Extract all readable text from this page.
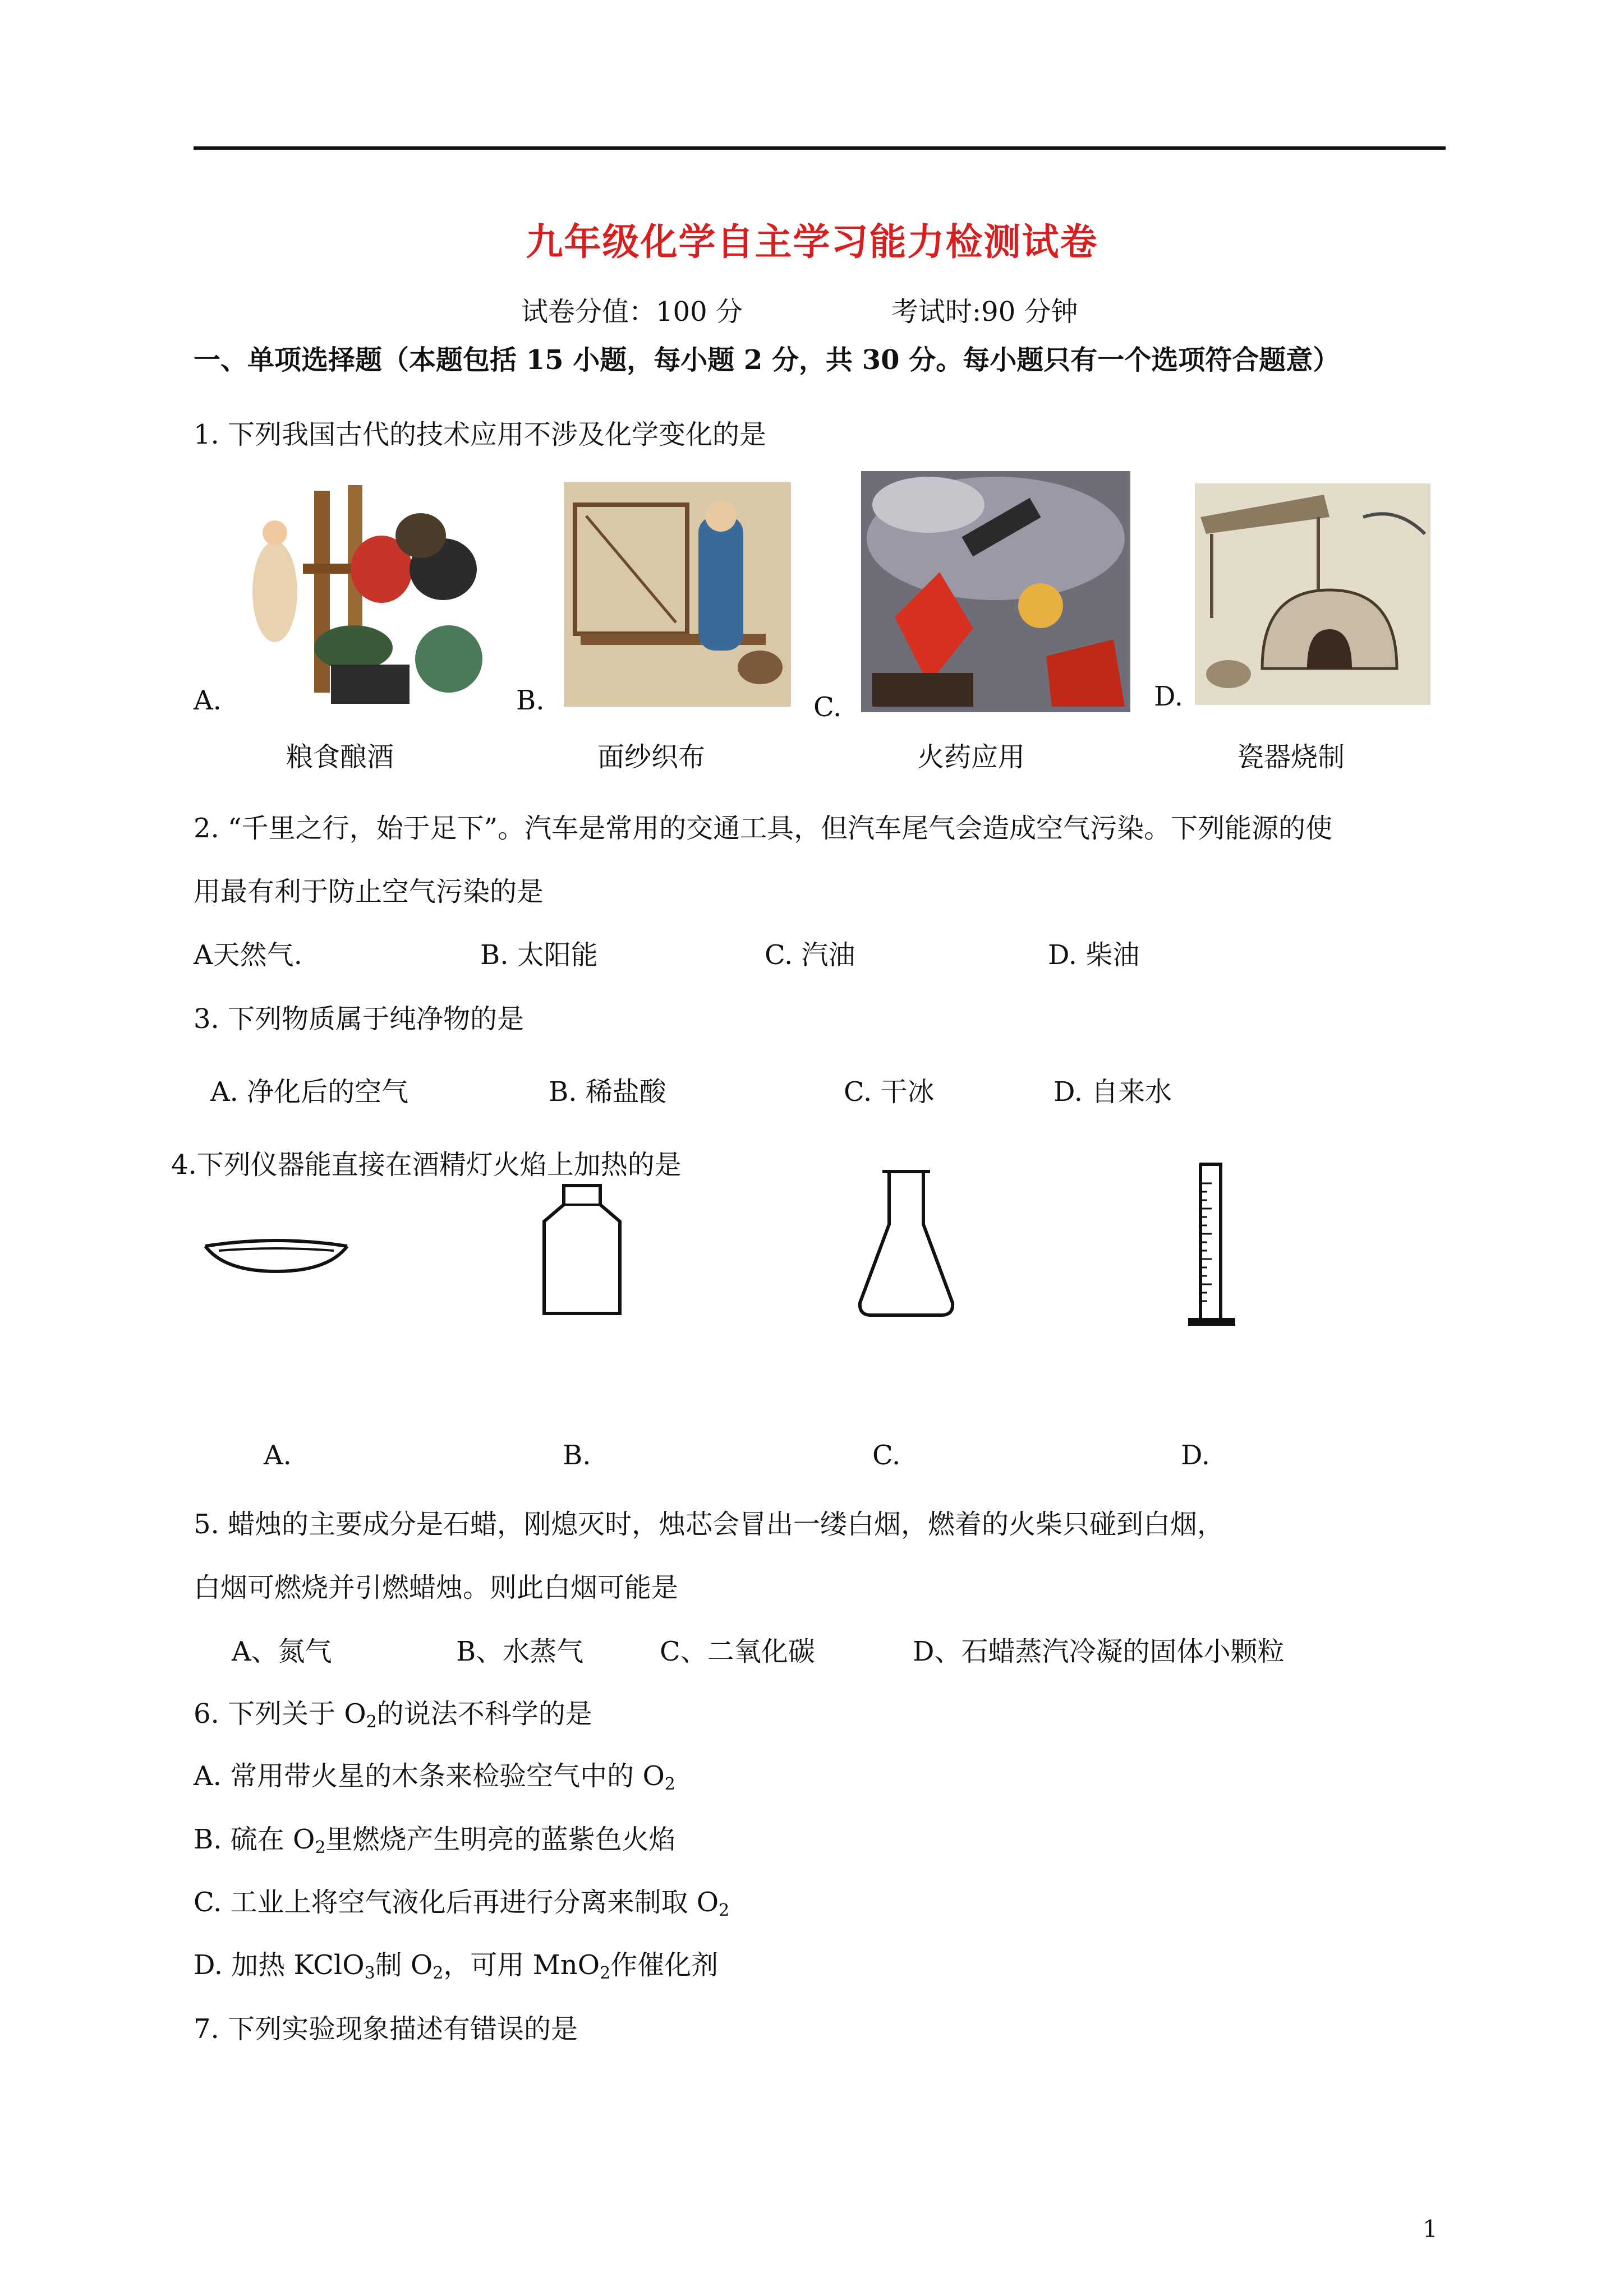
九年级化学自主学习能力检测试卷
试卷分值：100 分	考试时:90 分钟
一、单项选择题（本题包括 15 小题，每小题 2 分，共 30 分。每小题只有一个选项符合题意）
1. 下列我国古代的技术应用不涉及化学变化的是
A.
粮食酿酒
B.
面纱织布
C.
火药应用
D.
瓷器烧制
2. “千里之行，始于足下”。汽车是常用的交通工具，但汽车尾气会造成空气污染。下列能源的使
用最有利于防止空气污染的是
A天然气.	B. 太阳能	C. 汽油	D. 柴油
3. 下列物质属于纯净物的是
A. 净化后的空气	B. 稀盐酸	C. 干冰	D. 自来水
4.下列仪器能直接在酒精灯火焰上加热的是
A.	B.	C.	D.
5. 蜡烛的主要成分是石蜡，刚熄灭时，烛芯会冒出一缕白烟，燃着的火柴只碰到白烟，
白烟可燃烧并引燃蜡烛。则此白烟可能是
A、氮气	B、水蒸气	C、二氧化碳	D、石蜡蒸汽冷凝的固体小颗粒
6. 下列关于 O2的说法不科学的是
A. 常用带火星的木条来检验空气中的 O2
B. 硫在 O2里燃烧产生明亮的蓝紫色火焰
C. 工业上将空气液化后再进行分离来制取 O2
D. 加热 KClO3制 O2，可用 MnO2作催化剂
7. 下列实验现象描述有错误的是
1
